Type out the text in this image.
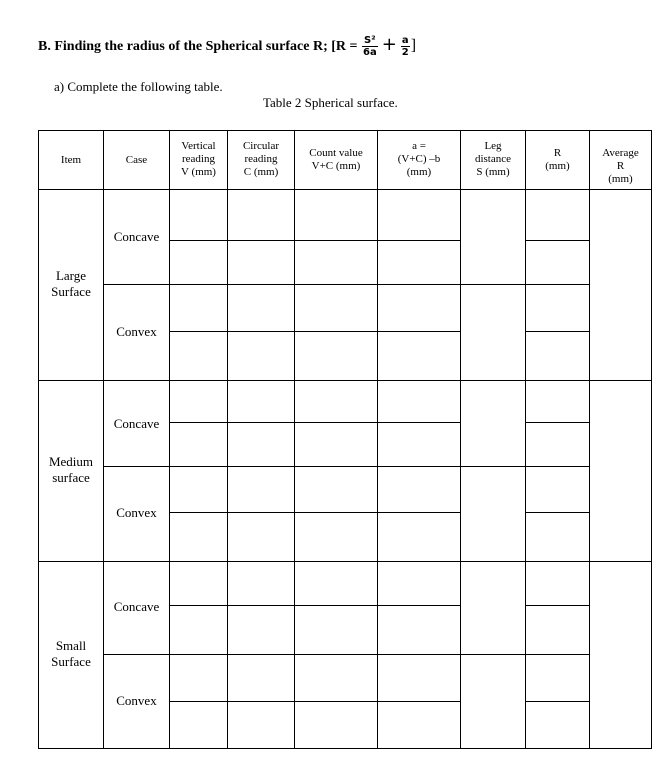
B. Finding the radius of the Spherical surface R; [$R = \frac{\text{S²}}{6a} + \frac{a}{2}$ ]
a) Complete the following table.
Table 2 Spherical surface.
Item	Case
Vertical
reading
V (mm)
Circular
reading
C (mm)
Count value
V+C (mm)
a =
(V+C) –b
(mm)
Leg
distance
S (mm)
R
(mm)
Average
R
(mm)
Large
Surface
Medium
surface
Small
Surface
Concave
Convex
Concave
Convex
Concave
Convex
